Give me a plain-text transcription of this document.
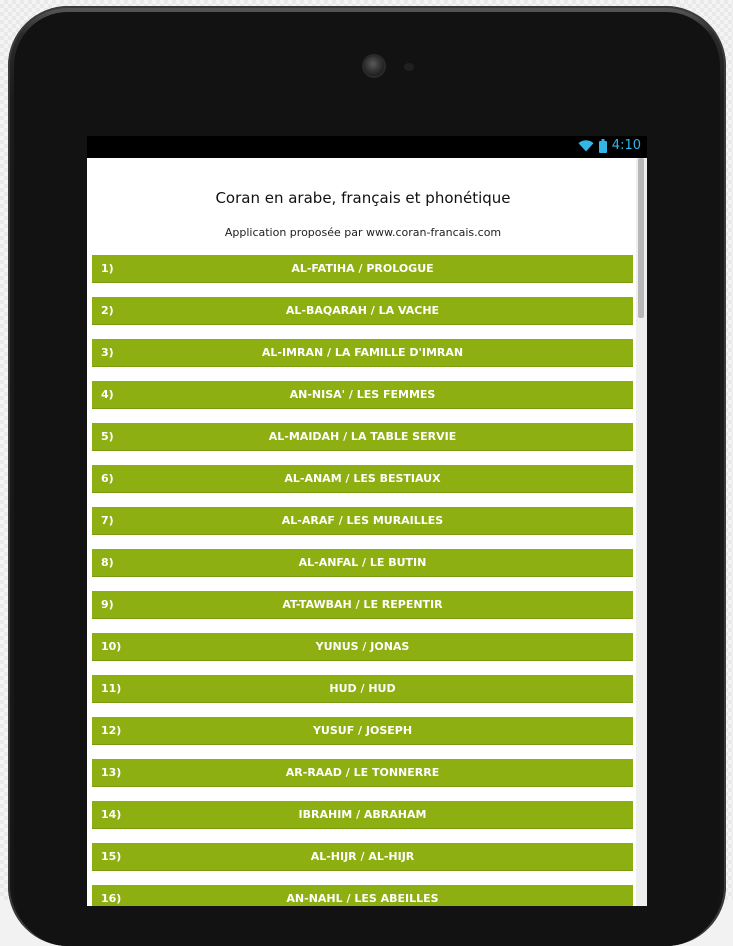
4:10
Coran en arabe, français et phonétique
Application proposée par www.coran-francais.com
1)	AL-FATIHA / PROLOGUE
2)	AL-BAQARAH / LA VACHE
3)	AL-IMRAN / LA FAMILLE D'IMRAN
4)	AN-NISA' / LES FEMMES
5)	AL-MAIDAH / LA TABLE SERVIE
6)	AL-ANAM / LES BESTIAUX
7)	AL-ARAF / LES MURAILLES
8)	AL-ANFAL / LE BUTIN
9)	AT-TAWBAH / LE REPENTIR
10)	YUNUS / JONAS
11)	HUD / HUD
12)	YUSUF / JOSEPH
13)	AR-RAAD / LE TONNERRE
14)	IBRAHIM / ABRAHAM
15)	AL-HIJR / AL-HIJR
16)	AN-NAHL / LES ABEILLES
